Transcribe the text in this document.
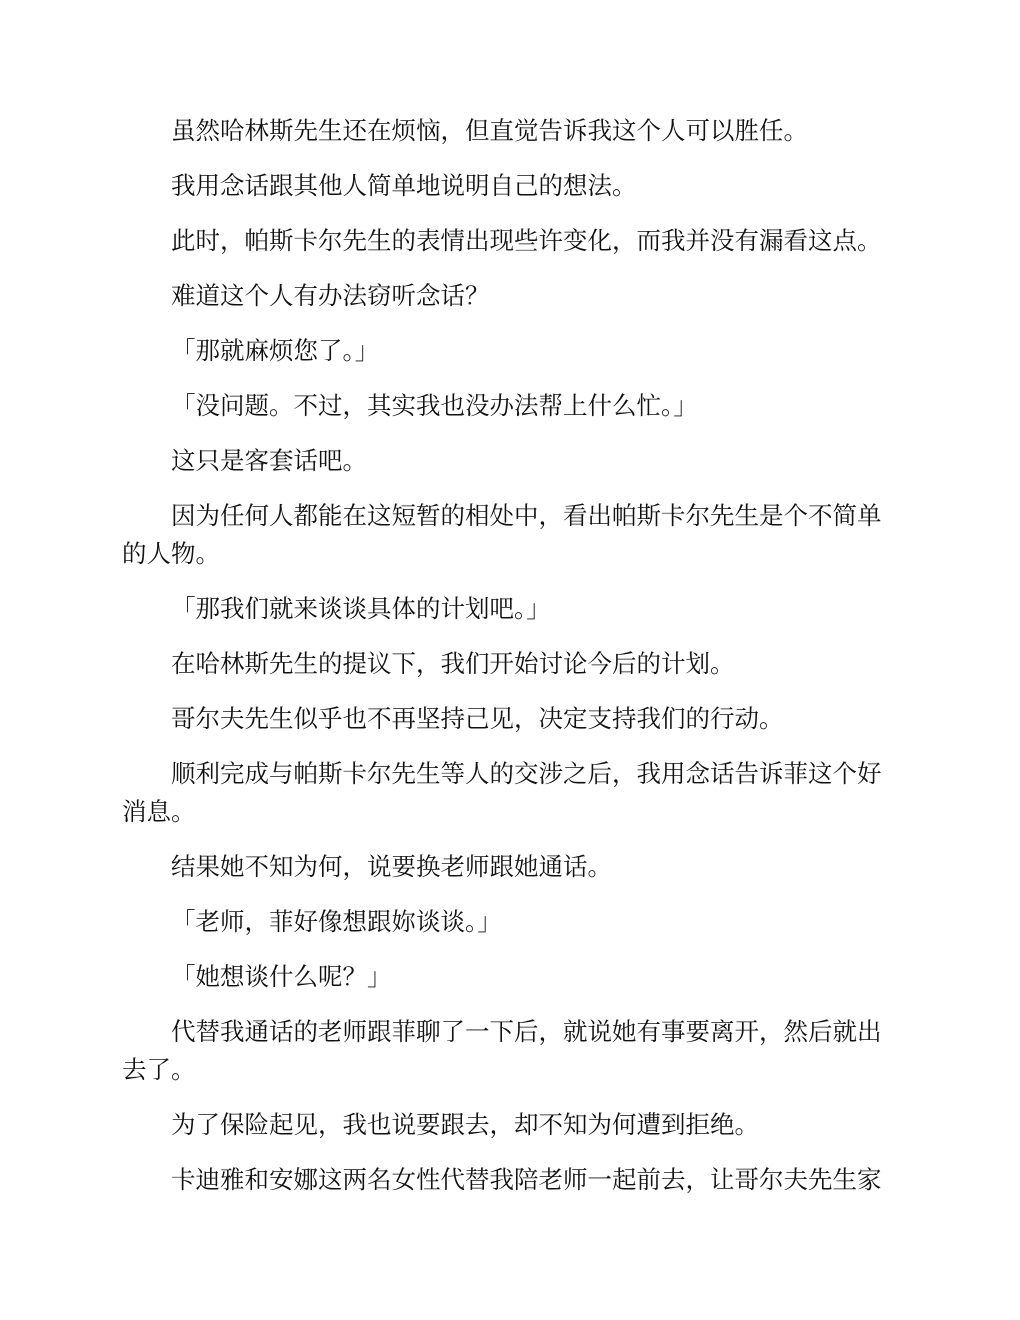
虽然哈林斯先生还在烦恼，但直觉告诉我这个人可以胜任。

我用念话跟其他人简单地说明自己的想法。

此时，帕斯卡尔先生的表情出现些许变化，而我并没有漏看这点。

难道这个人有办法窃听念话？

「那就麻烦您了。」

「没问题。不过，其实我也没办法帮上什么忙。」

这只是客套话吧。

因为任何人都能在这短暂的相处中，看出帕斯卡尔先生是个不简单的人物。

「那我们就来谈谈具体的计划吧。」

在哈林斯先生的提议下，我们开始讨论今后的计划。

哥尔夫先生似乎也不再坚持己见，决定支持我们的行动。

顺利完成与帕斯卡尔先生等人的交涉之后，我用念话告诉菲这个好消息。

结果她不知为何，说要换老师跟她通话。

「老师，菲好像想跟妳谈谈。」

「她想谈什么呢？」

代替我通话的老师跟菲聊了一下后，就说她有事要离开，然后就出去了。

为了保险起见，我也说要跟去，却不知为何遭到拒绝。

卡迪雅和安娜这两名女性代替我陪老师一起前去，让哥尔夫先生家
